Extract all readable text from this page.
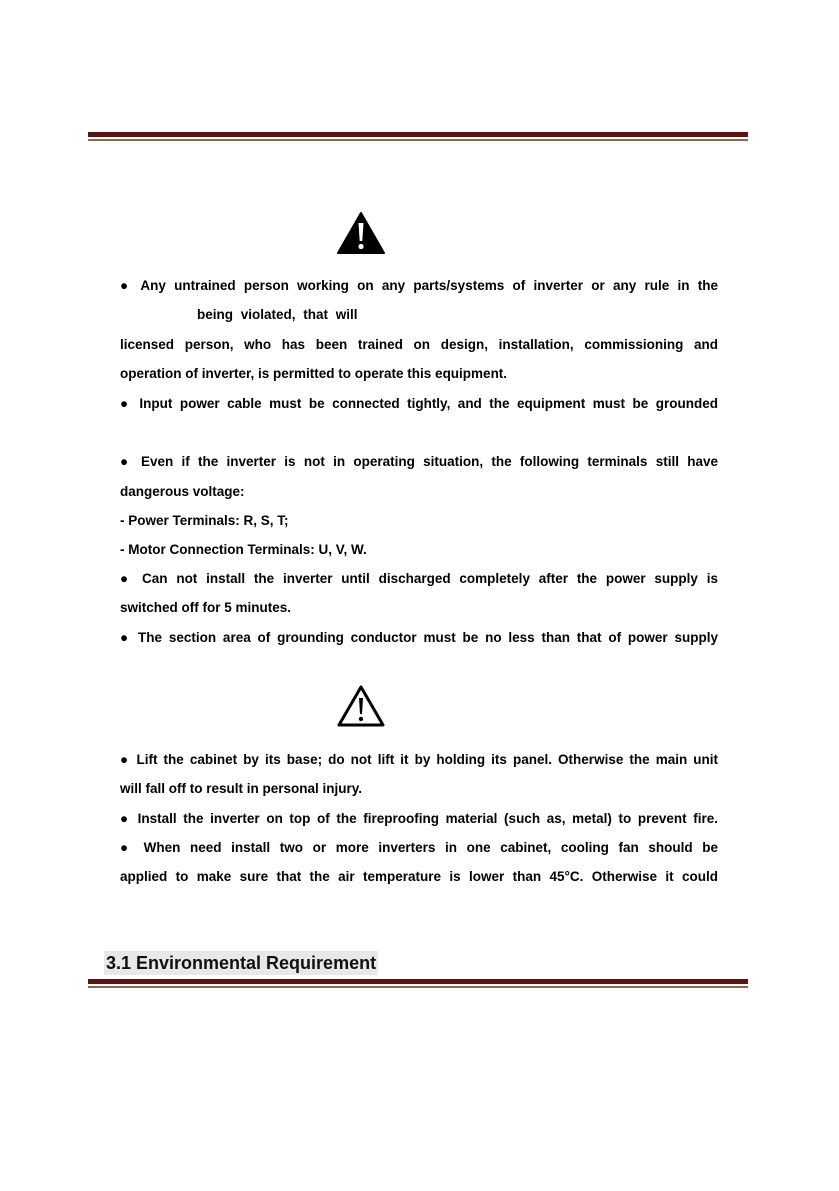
● Any untrained person working on any parts/systems of inverter or any rule in the
being violated, that will
licensed person, who has been trained on design, installation, commissioning and
operation of inverter, is permitted to operate this equipment.
● Input power cable must be connected tightly, and the equipment must be grounded
● Even if the inverter is not in operating situation, the following terminals still have
dangerous voltage:
- Power Terminals: R, S, T;
- Motor Connection Terminals: U, V, W.
● Can not install the inverter until discharged completely after the power supply is
switched off for 5 minutes.
● The section area of grounding conductor must be no less than that of power supply
● Lift the cabinet by its base; do not lift it by holding its panel. Otherwise the main unit
will fall off to result in personal injury.
● Install the inverter on top of the fireproofing material (such as, metal) to prevent fire.
● When need install two or more inverters in one cabinet, cooling fan should be
applied to make sure that the air temperature is lower than 45°C. Otherwise it could
3.1 Environmental Requirement
